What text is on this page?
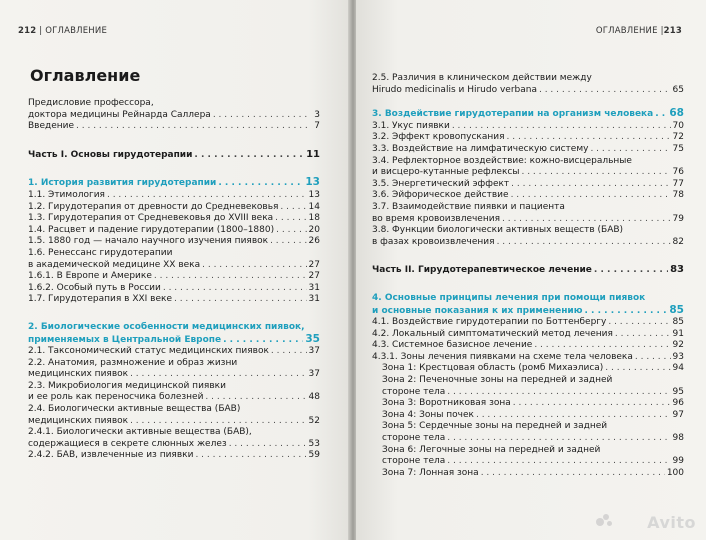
212 | ОГЛАВЛЕНИЕ
Оглавление
Предисловие профессора,
доктора медицины Рейнарда Саллера . . .	3
Введение . . .	7
Часть I. Основы гирудотерапии . . .	11
1. История развития гирудотерапии . . .	13
1.1. Этимология . . .	13
1.2. Гирудотерапия от древности до Средневековья . . .	14
1.3. Гирудотерапия от Средневековья до XVIII века . . .	18
1.4. Расцвет и падение гирудотерапии (1800–1880) . . .	20
1.5. 1880 год — начало научного изучения пиявок . . .	26
1.6. Ренессанс гирудотерапии
в академической медицине XX века . . .	27
1.6.1. В Европе и Америке . . .	27
1.6.2. Особый путь в России . . .	31
1.7. Гирудотерапия в XXI веке . . .	31
2. Биологические особенности медицинских пиявок,
применяемых в Центральной Европе . . .	35
2.1. Таксономический статус медицинских пиявок . . .	37
2.2. Анатомия, размножение и образ жизни
медицинских пиявок . . .	37
2.3. Микробиология медицинской пиявки
и ее роль как переносчика болезней . . .	48
2.4. Биологически активные вещества (БАВ)
медицинских пиявок . . .	52
2.4.1. Биологически активные вещества (БАВ),
содержащиеся в секрете слюнных желез . . .	53
2.4.2. БАВ, извлеченные из пиявки . . .	59
ОГЛАВЛЕНИЕ |213
2.5. Различия в клиническом действии между
Hirudo medicinalis и Hirudo verbana . . .	65
3. Воздействие гирудотерапии на организм человека . . . 68
3.1. Укус пиявки . . .	70
3.2. Эффект кровопускания . . .	72
3.3. Воздействие на лимфатическую систему . . .	75
3.4. Рефлекторное воздействие: кожно-висцеральные
и висцеро-кутанные рефлексы . . .	76
3.5. Энергетический эффект . . .	77
3.6. Эйфорическое действие . . .	78
3.7. Взаимодействие пиявки и пациента
во время кровоизвлечения . . .	79
3.8. Функции биологически активных веществ (БАВ)
в фазах кровоизвлечения . . .	82
Часть II. Гирудотерапевтическое лечение . . .	83
4. Основные принципы лечения при помощи пиявок
и основные показания к их применению . . .	85
4.1. Воздействие гирудотерапии по Боттенбергу . . .	85
4.2. Локальный симптоматический метод лечения . . .	91
4.3. Системное базисное лечение . . .	92
4.3.1. Зоны лечения пиявками на схеме тела человека . . .	93
Зона 1: Крестцовая область (ромб Михаэлиса) . . .	94
Зона 2: Печеночные зоны на передней и задней
стороне тела . . .	95
Зона 3: Воротниковая зона . . .	96
Зона 4: Зоны почек . . .	97
Зона 5: Сердечные зоны на передней и задней
стороне тела . . .	98
Зона 6: Легочные зоны на передней и задней
стороне тела . . .	99
Зона 7: Лонная зона . . .	100
Avito
